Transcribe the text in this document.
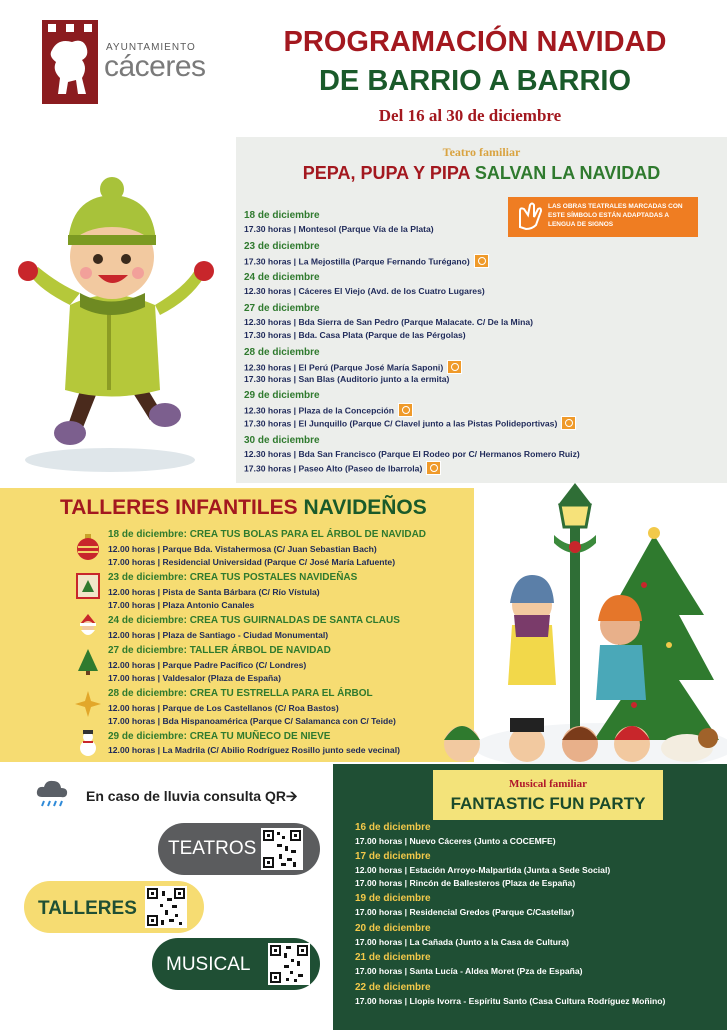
AYUNTAMIENTO
cáceres
PROGRAMACIÓN NAVIDAD
DE BARRIO A BARRIO
Del 16 al 30 de diciembre
Teatro familiar
PEPA, PUPA Y PIPA SALVAN LA NAVIDAD
LAS OBRAS TEATRALES MARCADAS CON ESTE SÍMBOLO ESTÁN ADAPTADAS A LENGUA DE SIGNOS
18 de diciembre
17.30 horas | Montesol (Parque Vía de la Plata)
23 de diciembre
17.30 horas | La Mejostilla (Parque Fernando Turégano)
24 de diciembre
12.30 horas | Cáceres El Viejo (Avd. de los Cuatro Lugares)
27 de diciembre
12.30 horas | Bda Sierra de San Pedro (Parque Malacate. C/ De la Mina)
17.30 horas | Bda. Casa Plata (Parque de las Pérgolas)
28 de diciembre
12.30 horas | El Perú (Parque José María Saponi)
17.30 horas | San Blas (Auditorio junto a la ermita)
29 de diciembre
12.30 horas | Plaza de la Concepción
17.30 horas | El Junquillo (Parque C/ Clavel junto a las Pistas Polideportivas)
30 de diciembre
12.30 horas | Bda San Francisco (Parque El Rodeo por C/ Hermanos Romero Ruiz)
17.30 horas | Paseo Alto (Paseo de Ibarrola)
TALLERES INFANTILES NAVIDEÑOS
18 de diciembre: CREA TUS BOLAS PARA EL ÁRBOL DE NAVIDAD
12.00 horas | Parque Bda. Vistahermosa (C/ Juan Sebastian Bach)
17.00 horas | Residencial Universidad (Parque C/ José María Lafuente)
23 de diciembre: CREA TUS POSTALES NAVIDEÑAS
12.00 horas | Pista de Santa Bárbara (C/ Río Vístula)
17.00 horas | Plaza Antonio Canales
24 de diciembre: CREA TUS GUIRNALDAS DE SANTA CLAUS
12.00 horas | Plaza de Santiago - Ciudad Monumental)
27 de diciembre: TALLER ÁRBOL DE NAVIDAD
12.00 horas | Parque Padre Pacífico (C/ Londres)
17.00 horas | Valdesalor (Plaza de España)
28 de diciembre: CREA TU ESTRELLA PARA EL ÁRBOL
12.00 horas | Parque de Los Castellanos (C/ Roa Bastos)
17.00 horas | Bda Hispanoamérica (Parque C/ Salamanca con C/ Teide)
29 de diciembre: CREA TU MUÑECO DE NIEVE
12.00 horas | La Madrila (C/ Abilio Rodríguez Rosillo junto sede vecinal)
Musical familiar
FANTASTIC FUN PARTY
16 de diciembre
17.00 horas | Nuevo Cáceres (Junto a COCEMFE)
17 de diciembre
12.00 horas | Estación Arroyo-Malpartida (Junta a Sede Social)
17.00 horas | Rincón de Ballesteros (Plaza de España)
19 de diciembre
17.00 horas | Residencial Gredos (Parque C/Castellar)
20 de diciembre
17.00 horas | La Cañada (Junto a la Casa de Cultura)
21 de diciembre
17.00 horas | Santa Lucía - Aldea Moret (Pza de España)
22 de diciembre
17.00 horas | Llopis Ivorra - Espíritu Santo (Casa Cultura Rodríguez Moñino)
En caso de lluvia consulta QR🡪
TEATROS
TALLERES
MUSICAL
